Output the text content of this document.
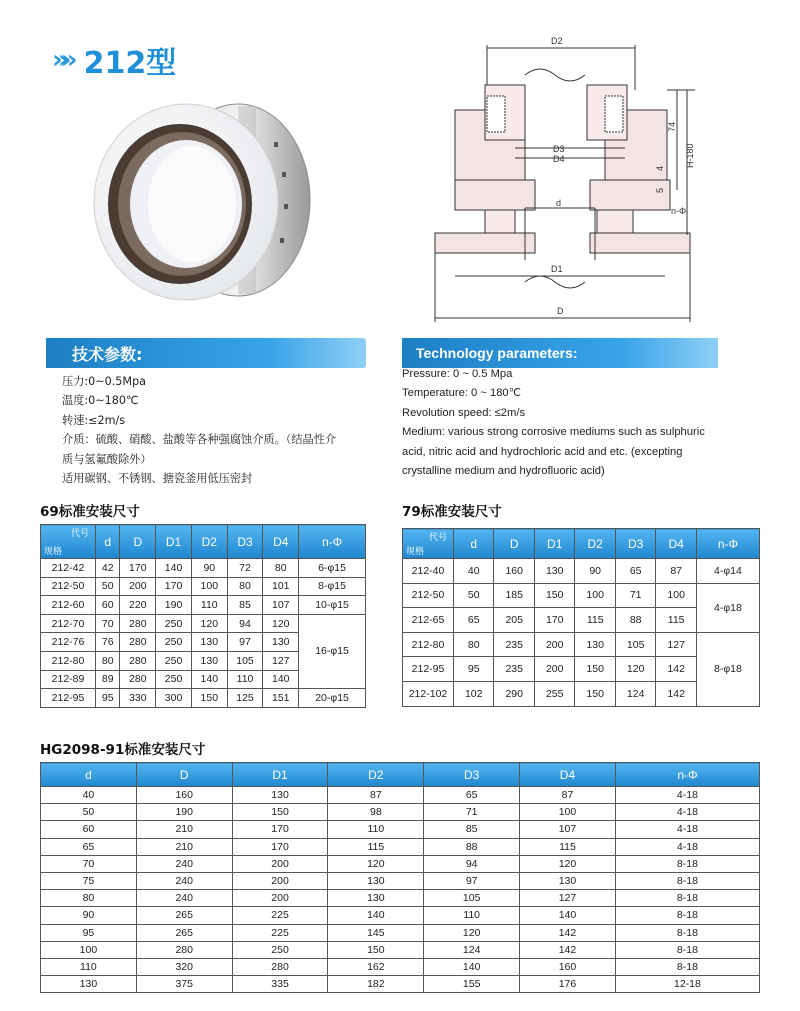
»» 212型
D2
D3
D4
d
D1
D
74
4
5
H-180
n-Φ
技术参数:
压力:0~0.5Mpa
温度:0~180℃
转速:≤2m/s
介质：硫酸、硝酸、盐酸等各种强腐蚀介质。（结晶性介
质与氢氟酸除外）
适用碳钢、不锈钢、搪瓷釜用低压密封
Technology parameters:
Pressure: 0 ~ 0.5 Mpa
Temperature: 0 ~ 180℃
Revolution speed: ≤2m/s
Medium: various strong corrosive mediums such as sulphuric
acid, nitric acid and hydrochloric acid and etc. (excepting
crystalline medium and hydrofluoric acid)
69标准安装尺寸
代号
规格	d	D	D1	D2	D3	D4	n-Φ
212-42	42	170	140	90	72	80	6-φ15
212-50	50	200	170	100	80	101	8-φ15
212-60	60	220	190	110	85	107	10-φ15
212-70	70	280	250	120	94	120	16-φ15
212-76	76	280	250	130	97	130	
212-80	80	280	250	130	105	127	
212-89	89	280	250	140	110	140	
212-95	95	330	300	150	125	151	20-φ15
79标准安装尺寸
代号
规格	d	D	D1	D2	D3	D4	n-Φ
212-40	40	160	130	90	65	87	4-φ14
212-50	50	185	150	100	71	100	4-φ18
212-65	65	205	170	115	88	115	
212-80	80	235	200	130	105	127	8-φ18
212-95	95	235	200	150	120	142	
212-102	102	290	255	150	124	142	
HG2098-91标准安装尺寸
d	D	D1	D2	D3	D4	n-Φ
40	160	130	87	65	87	4-18
50	190	150	98	71	100	4-18
60	210	170	110	85	107	4-18
65	210	170	115	88	115	4-18
70	240	200	120	94	120	8-18
75	240	200	130	97	130	8-18
80	240	200	130	105	127	8-18
90	265	225	140	110	140	8-18
95	265	225	145	120	142	8-18
100	280	250	150	124	142	8-18
110	320	280	162	140	160	8-18
130	375	335	182	155	176	12-18
